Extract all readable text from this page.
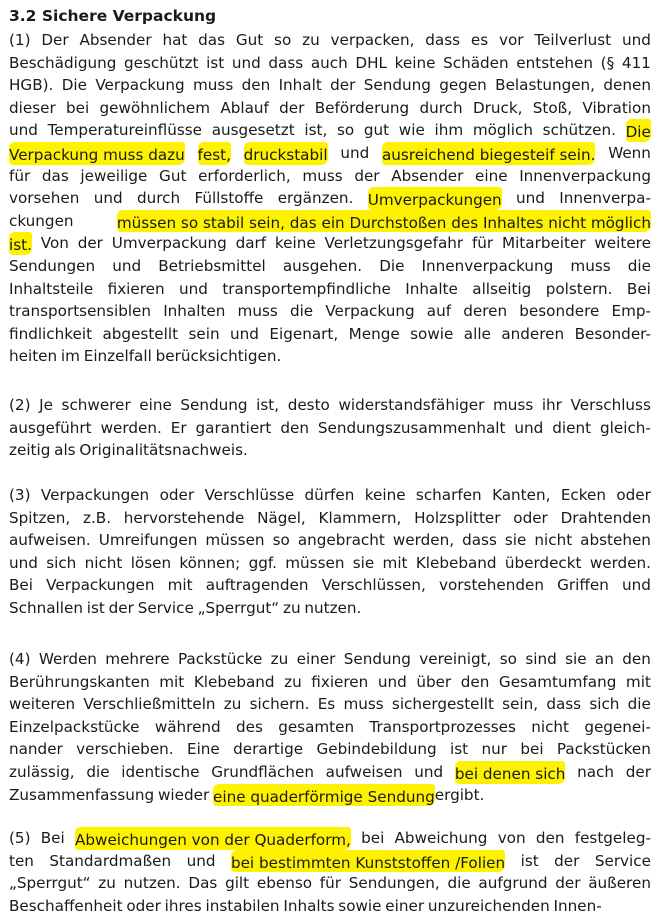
3.2 Sichere Verpackung
(1) Der Absender hat das Gut so zu verpacken, dass es vor Teilverlust und
Beschädigung geschützt ist und dass auch DHL keine Schäden entstehen (§ 411
HGB). Die Verpackung muss den Inhalt der Sendung gegen Belastungen, denen
dieser bei gewöhnlichem Ablauf der Beförderung durch Druck, Stoß, Vibration
und Temperatureinflüsse ausgesetzt ist, so gut wie ihm möglich schützen. Die
Verpackung muss dazu fest, druckstabil und ausreichend biegesteif sein. Wenn
für das jeweilige Gut erforderlich, muss der Absender eine Innenverpackung
vorsehen und durch Füllstoffe ergänzen. Umverpackungen und Innenverpa-
ckungen	müssen so stabil sein, das ein Durchstoßen des Inhaltes nicht möglich
ist. Von der Umverpackung darf keine Verletzungsgefahr für Mitarbeiter weitere
Sendungen und Betriebsmittel ausgehen. Die Innenverpackung muss die
Inhaltsteile fixieren und transportempfindliche Inhalte allseitig polstern. Bei
transportsensiblen Inhalten muss die Verpackung auf deren besondere Emp-
findlichkeit abgestellt sein und Eigenart, Menge sowie alle anderen Besonder-
heiten im Einzelfall berücksichtigen.
(2) Je schwerer eine Sendung ist, desto widerstandsfähiger muss ihr Verschluss
ausgeführt werden. Er garantiert den Sendungszusammenhalt und dient gleich-
zeitig als Originalitätsnachweis.
(3) Verpackungen oder Verschlüsse dürfen keine scharfen Kanten, Ecken oder
Spitzen, z.B. hervorstehende Nägel, Klammern, Holzsplitter oder Drahtenden
aufweisen. Umreifungen müssen so angebracht werden, dass sie nicht abstehen
und sich nicht lösen können; ggf. müssen sie mit Klebeband überdeckt werden.
Bei Verpackungen mit auftragenden Verschlüssen, vorstehenden Griffen und
Schnallen ist der Service „Sperrgut“ zu nutzen.
(4) Werden mehrere Packstücke zu einer Sendung vereinigt, so sind sie an den
Berührungskanten mit Klebeband zu fixieren und über den Gesamtumfang mit
weiteren Verschließmitteln zu sichern. Es muss sichergestellt sein, dass sich die
Einzelpackstücke während des gesamten Transportprozesses nicht gegenei-
nander verschieben. Eine derartige Gebindebildung ist nur bei Packstücken
zulässig, die identische Grundflächen aufweisen und bei denen sich nach der
Zusammenfassung wieder eine quaderförmige Sendung ergibt.
(5) Bei Abweichungen von der Quaderform, bei Abweichung von den festgeleg-
ten Standardmaßen und bei bestimmten Kunststoffen /Folien ist der Service
„Sperrgut“ zu nutzen. Das gilt ebenso für Sendungen, die aufgrund der äußeren
Beschaffenheit oder ihres instabilen Inhalts sowie einer unzureichenden Innen-
